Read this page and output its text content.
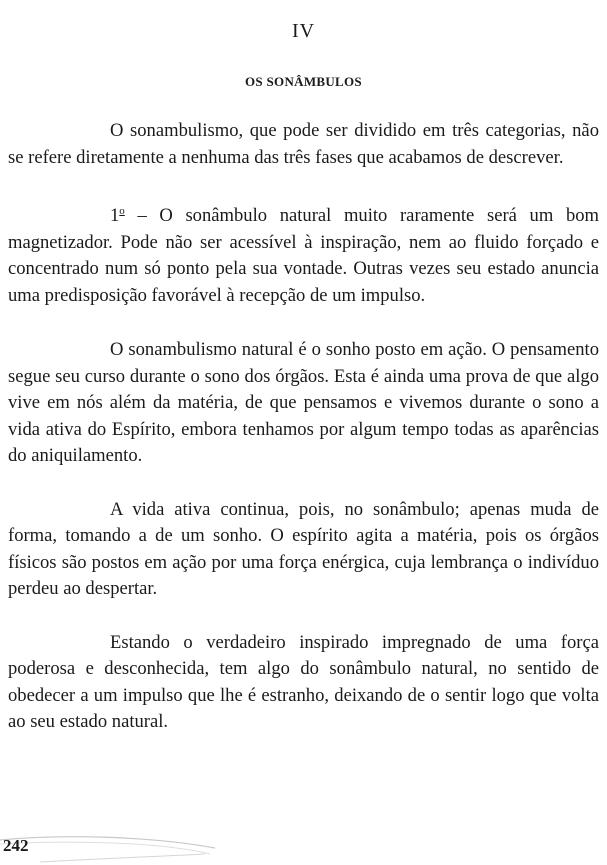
IV
OS SONÂMBULOS

O sonambulismo, que pode ser dividido em três categorias, não se refere diretamente a nenhuma das três fases que acabamos de descrever.

1$^o$ – O sonâmbulo natural muito raramente será um bom magnetizador. Pode não ser acessível à inspiração, nem ao fluido forçado e concentrado num só ponto pela sua vontade. Outras vezes seu estado anuncia uma predisposição favorável à recepção de um impulso.

O sonambulismo natural é o sonho posto em ação. O pensamento segue seu curso durante o sono dos órgãos. Esta é ainda uma prova de que algo vive em nós além da matéria, de que pensamos e vivemos durante o sono a vida ativa do Espírito, embora tenhamos por algum tempo todas as aparências do aniquilamento.

A vida ativa continua, pois, no sonâmbulo; apenas muda de forma, tomando a de um sonho. O espírito agita a matéria, pois os órgãos físicos são postos em ação por uma força enérgica, cuja lembrança o indivíduo perdeu ao despertar.

Estando o verdadeiro inspirado impregnado de uma força poderosa e desconhecida, tem algo do sonâmbulo natural, no sentido de obedecer a um impulso que lhe é estranho, deixando de o sentir logo que volta ao seu estado natural.

242
